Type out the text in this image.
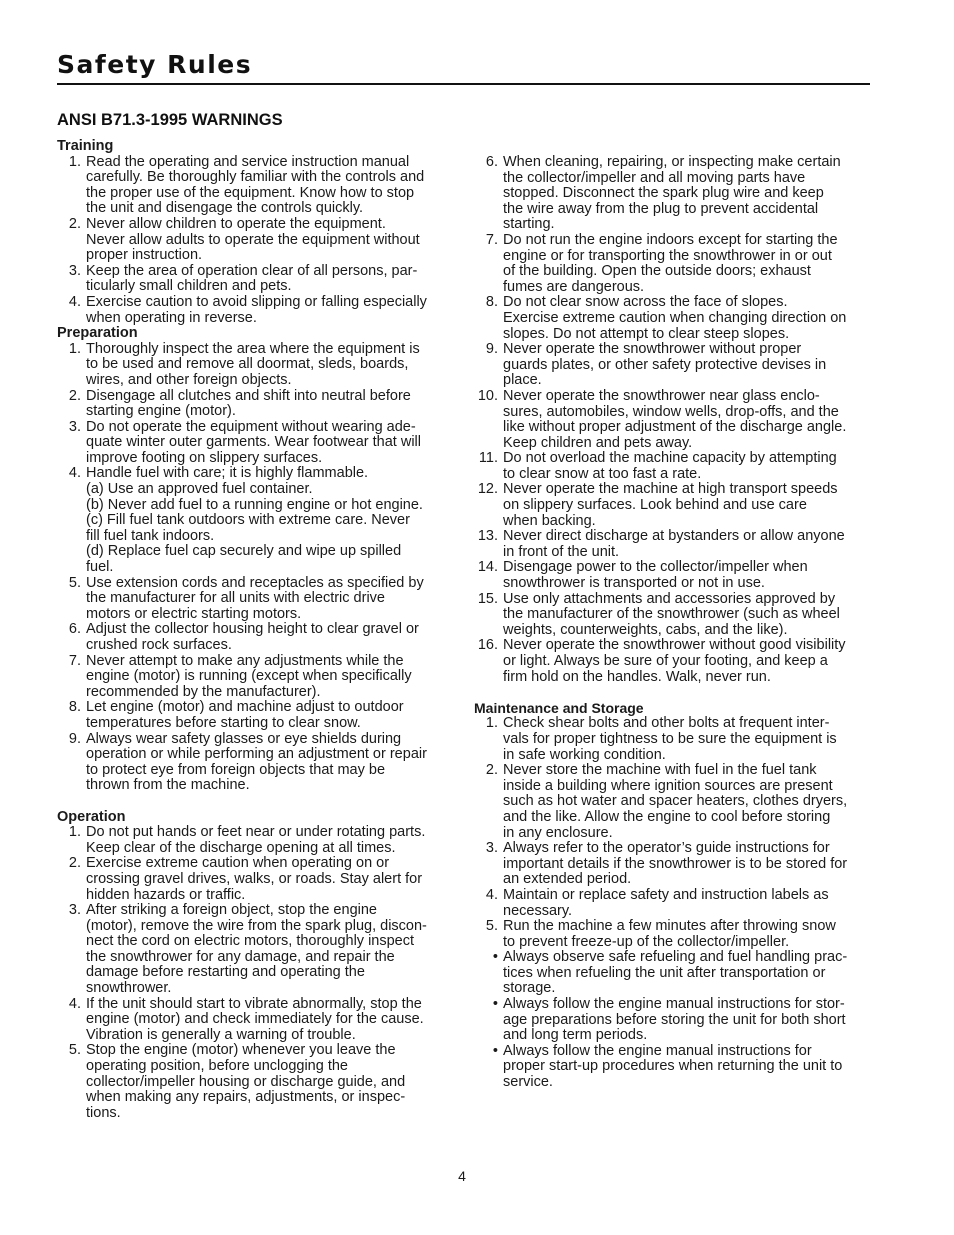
Safety Rules
ANSI B71.3-1995 WARNINGS

Training

1. Read the operating and service instruction manual
carefully. Be thoroughly familiar with the controls and
the proper use of the equipment. Know how to stop
the unit and disengage the controls quickly.
2. Never allow children to operate the equipment.
Never allow adults to operate the equipment without
proper instruction.
3. Keep the area of operation clear of all persons, par-
ticularly small children and pets.
4. Exercise caution to avoid slipping or falling especially
when operating in reverse.

Preparation

1. Thoroughly inspect the area where the equipment is
to be used and remove all doormat, sleds, boards,
wires, and other foreign objects.
2. Disengage all clutches and shift into neutral before
starting engine (motor).
3. Do not operate the equipment without wearing ade-
quate winter outer garments. Wear footwear that will
improve footing on slippery surfaces.
4. Handle fuel with care; it is highly flammable.
(a) Use an approved fuel container.
(b) Never add fuel to a running engine or hot engine.
(c) Fill fuel tank outdoors with extreme care. Never
fill fuel tank indoors.
(d) Replace fuel cap securely and wipe up spilled
fuel.
5. Use extension cords and receptacles as specified by
the manufacturer for all units with electric drive
motors or electric starting motors.
6. Adjust the collector housing height to clear gravel or
crushed rock surfaces.
7. Never attempt to make any adjustments while the
engine (motor) is running (except when specifically
recommended by the manufacturer).
8. Let engine (motor) and machine adjust to outdoor
temperatures before starting to clear snow.
9. Always wear safety glasses or eye shields during
operation or while performing an adjustment or repair
to protect eye from foreign objects that may be
thrown from the machine.

Operation

1. Do not put hands or feet near or under rotating parts.
Keep clear of the discharge opening at all times.
2. Exercise extreme caution when operating on or
crossing gravel drives, walks, or roads. Stay alert for
hidden hazards or traffic.
3. After striking a foreign object, stop the engine
(motor), remove the wire from the spark plug, discon-
nect the cord on electric motors, thoroughly inspect
the snowthrower for any damage, and repair the
damage before restarting and operating the
snowthrower.
4. If the unit should start to vibrate abnormally, stop the
engine (motor) and check immediately for the cause.
Vibration is generally a warning of trouble.
5. Stop the engine (motor) whenever you leave the
operating position, before unclogging the
collector/impeller housing or discharge guide, and
when making any repairs, adjustments, or inspec-
tions.
6. When cleaning, repairing, or inspecting make certain
the collector/impeller and all moving parts have
stopped. Disconnect the spark plug wire and keep
the wire away from the plug to prevent accidental
starting.
7. Do not run the engine indoors except for starting the
engine or for transporting the snowthrower in or out
of the building. Open the outside doors; exhaust
fumes are dangerous.
8. Do not clear snow across the face of slopes.
Exercise extreme caution when changing direction on
slopes. Do not attempt to clear steep slopes.
9. Never operate the snowthrower without proper
guards plates, or other safety protective devises in
place.
10. Never operate the snowthrower near glass enclo-
sures, automobiles, window wells, drop-offs, and the
like without proper adjustment of the discharge angle.
Keep children and pets away.
11. Do not overload the machine capacity by attempting
to clear snow at too fast a rate.
12. Never operate the machine at high transport speeds
on slippery surfaces. Look behind and use care
when backing.
13. Never direct discharge at bystanders or allow anyone
in front of the unit.
14. Disengage power to the collector/impeller when
snowthrower is transported or not in use.
15. Use only attachments and accessories approved by
the manufacturer of the snowthrower (such as wheel
weights, counterweights, cabs, and the like).
16. Never operate the snowthrower without good visibility
or light. Always be sure of your footing, and keep a
firm hold on the handles. Walk, never run.

Maintenance and Storage

1. Check shear bolts and other bolts at frequent inter-
vals for proper tightness to be sure the equipment is
in safe working condition.
2. Never store the machine with fuel in the fuel tank
inside a building where ignition sources are present
such as hot water and spacer heaters, clothes dryers,
and the like. Allow the engine to cool before storing
in any enclosure.
3. Always refer to the operator’s guide instructions for
important details if the snowthrower is to be stored for
an extended period.
4. Maintain or replace safety and instruction labels as
necessary.
5. Run the machine a few minutes after throwing snow
to prevent freeze-up of the collector/impeller.
• Always observe safe refueling and fuel handling prac-
tices when refueling the unit after transportation or
storage.
• Always follow the engine manual instructions for stor-
age preparations before storing the unit for both short
and long term periods.
• Always follow the engine manual instructions for
proper start-up procedures when returning the unit to
service.
4
